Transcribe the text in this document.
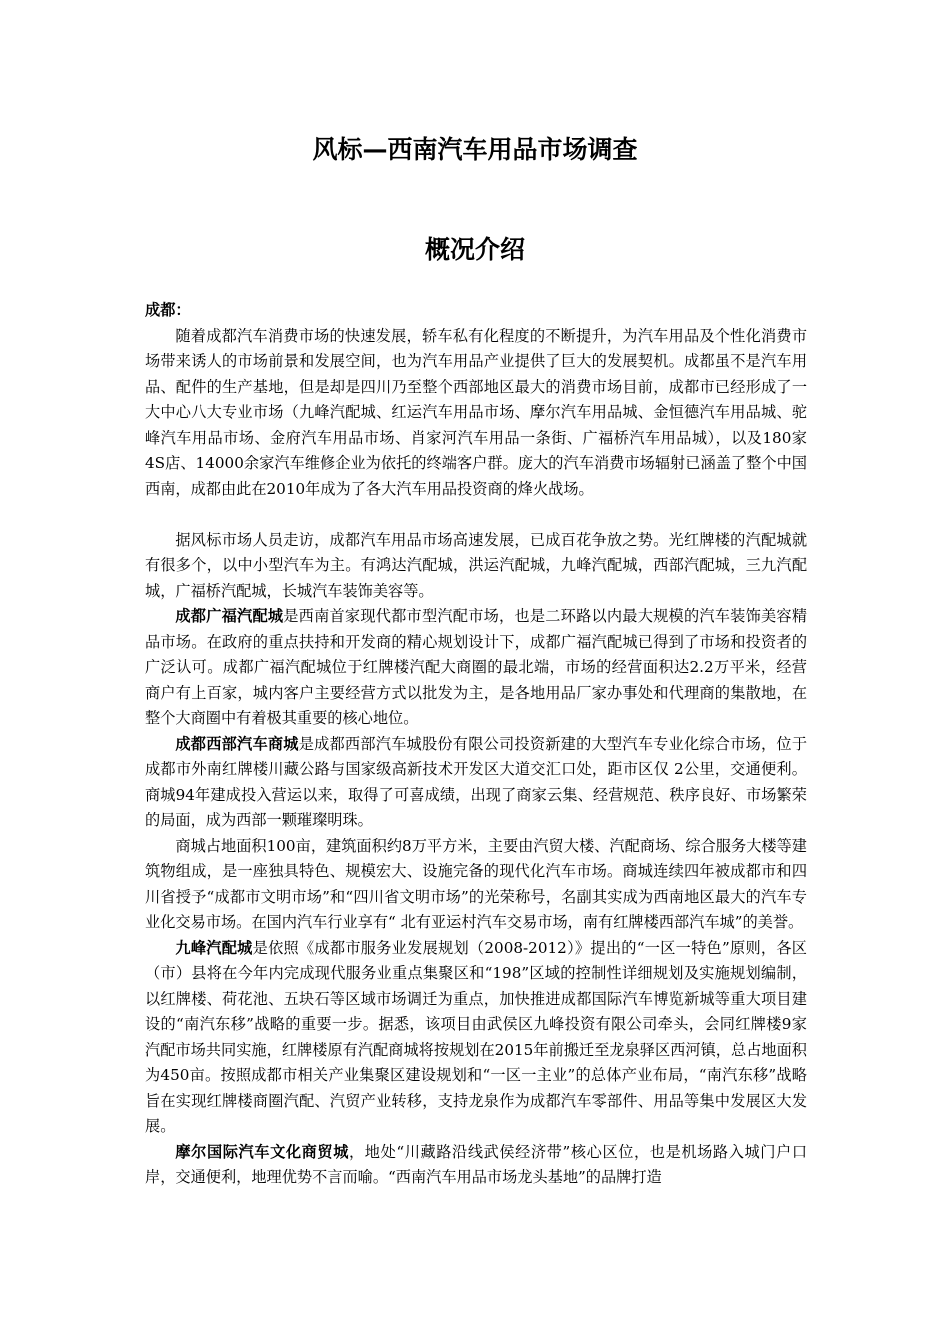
风标—西南汽车用品市场调查
概况介绍

成都：

随着成都汽车消费市场的快速发展，轿车私有化程度的不断提升，为汽车用品及个性化消费市场带来诱人的市场前景和发展空间，也为汽车用品产业提供了巨大的发展契机。成都虽不是汽车用品、配件的生产基地，但是却是四川乃至整个西部地区最大的消费市场目前，成都市已经形成了一大中心八大专业市场（九峰汽配城、红运汽车用品市场、摩尔汽车用品城、金恒德汽车用品城、驼峰汽车用品市场、金府汽车用品市场、肖家河汽车用品一条街、广福桥汽车用品城），以及180家4S店、14000余家汽车维修企业为依托的终端客户群。庞大的汽车消费市场辐射已涵盖了整个中国西南，成都由此在2010年成为了各大汽车用品投资商的烽火战场。

据风标市场人员走访，成都汽车用品市场高速发展，已成百花争放之势。光红牌楼的汽配城就有很多个，以中小型汽车为主。有鸿达汽配城，洪运汽配城，九峰汽配城，西部汽配城，三九汽配城，广福桥汽配城，长城汽车装饰美容等。

成都广福汽配城是西南首家现代都市型汽配市场，也是二环路以内最大规模的汽车装饰美容精品市场。在政府的重点扶持和开发商的精心规划设计下，成都广福汽配城已得到了市场和投资者的广泛认可。成都广福汽配城位于红牌楼汽配大商圈的最北端，市场的经营面积达2.2万平米，经营商户有上百家，城内客户主要经营方式以批发为主，是各地用品厂家办事处和代理商的集散地，在整个大商圈中有着极其重要的核心地位。

成都西部汽车商城是成都西部汽车城股份有限公司投资新建的大型汽车专业化综合市场，位于成都市外南红牌楼川藏公路与国家级高新技术开发区大道交汇口处，距市区仅 2公里，交通便利。商城94年建成投入营运以来，取得了可喜成绩，出现了商家云集、经营规范、秩序良好、市场繁荣的局面，成为西部一颗璀璨明珠。

商城占地面积100亩，建筑面积约8万平方米，主要由汽贸大楼、汽配商场、综合服务大楼等建筑物组成，是一座独具特色、规模宏大、设施完备的现代化汽车市场。商城连续四年被成都市和四川省授予“成都市文明市场”和“四川省文明市场”的光荣称号，名副其实成为西南地区最大的汽车专业化交易市场。在国内汽车行业享有“ 北有亚运村汽车交易市场，南有红牌楼西部汽车城”的美誉。

九峰汽配城是依照《成都市服务业发展规划（2008-2012）》提出的“一区一特色”原则，各区（市）县将在今年内完成现代服务业重点集聚区和“198”区域的控制性详细规划及实施规划编制，以红牌楼、荷花池、五块石等区域市场调迁为重点，加快推进成都国际汽车博览新城等重大项目建设的“南汽东移”战略的重要一步。据悉，该项目由武侯区九峰投资有限公司牵头，会同红牌楼9家汽配市场共同实施，红牌楼原有汽配商城将按规划在2015年前搬迁至龙泉驿区西河镇，总占地面积为450亩。按照成都市相关产业集聚区建设规划和“一区一主业”的总体产业布局，“南汽东移”战略旨在实现红牌楼商圈汽配、汽贸产业转移，支持龙泉作为成都汽车零部件、用品等集中发展区大发展。

摩尔国际汽车文化商贸城，地处“川藏路沿线武侯经济带”核心区位，也是机场路入城门户口岸，交通便利，地理优势不言而喻。“西南汽车用品市场龙头基地”的品牌打造
